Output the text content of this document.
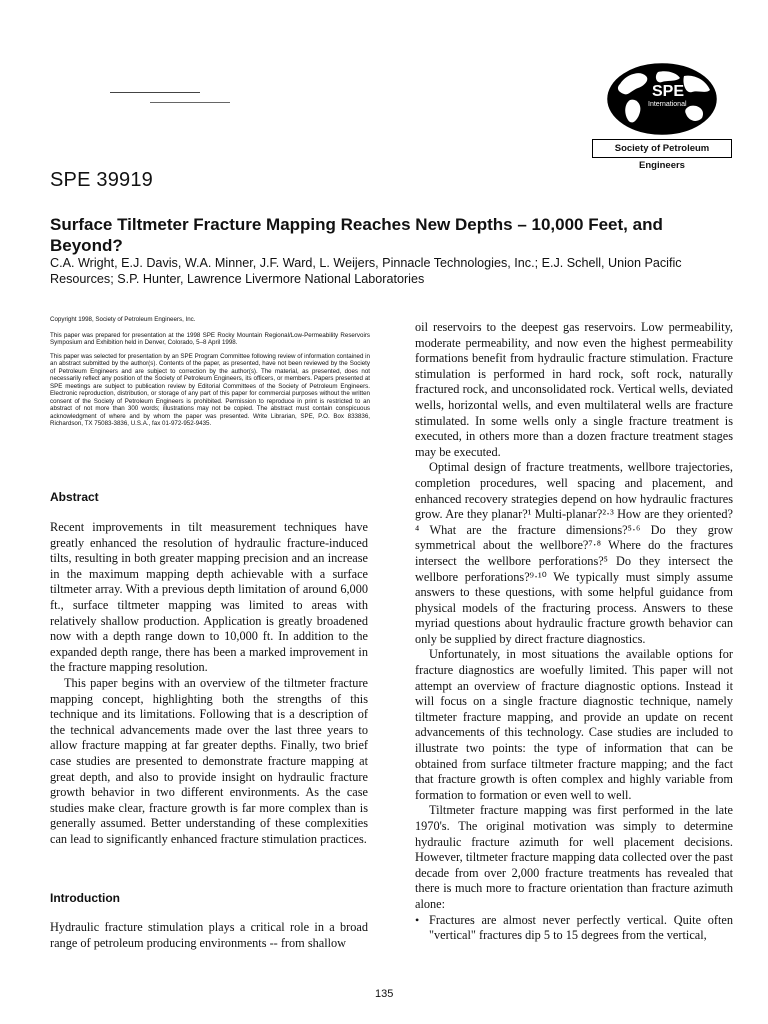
SPE
International
Society of Petroleum Engineers
SPE 39919
Surface Tiltmeter Fracture Mapping Reaches New Depths – 10,000 Feet, and Beyond?
C.A. Wright, E.J. Davis, W.A. Minner, J.F. Ward, L. Weijers, Pinnacle Technologies, Inc.; E.J. Schell, Union Pacific Resources; S.P. Hunter, Lawrence Livermore National Laboratories

Copyright 1998, Society of Petroleum Engineers, Inc.

This paper was prepared for presentation at the 1998 SPE Rocky Mountain Regional/Low-Permeability Reservoirs Symposium and Exhibition held in Denver, Colorado, 5–8 April 1998.

This paper was selected for presentation by an SPE Program Committee following review of information contained in an abstract submitted by the author(s). Contents of the paper, as presented, have not been reviewed by the Society of Petroleum Engineers and are subject to correction by the author(s). The material, as presented, does not necessarily reflect any position of the Society of Petroleum Engineers, its officers, or members. Papers presented at SPE meetings are subject to publication review by Editorial Committees of the Society of Petroleum Engineers. Electronic reproduction, distribution, or storage of any part of this paper for commercial purposes without the written consent of the Society of Petroleum Engineers is prohibited. Permission to reproduce in print is restricted to an abstract of not more than 300 words; illustrations may not be copied. The abstract must contain conspicuous acknowledgment of where and by whom the paper was presented. Write Librarian, SPE, P.O. Box 833836, Richardson, TX 75083-3836, U.S.A., fax 01-972-952-9435.

Abstract

Recent improvements in tilt measurement techniques have greatly enhanced the resolution of hydraulic fracture-induced tilts, resulting in both greater mapping precision and an increase in the maximum mapping depth achievable with a surface tiltmeter array. With a previous depth limitation of around 6,000 ft., surface tiltmeter mapping was limited to areas with relatively shallow production. Application is greatly broadened now with a depth range down to 10,000 ft. In addition to the expanded depth range, there has been a marked improvement in the fracture mapping resolution.

This paper begins with an overview of the tiltmeter fracture mapping concept, highlighting both the strengths of this technique and its limitations. Following that is a description of the technical advancements made over the last three years to allow fracture mapping at far greater depths. Finally, two brief case studies are presented to demonstrate fracture mapping at great depth, and also to provide insight on hydraulic fracture growth behavior in two different environments. As the case studies make clear, fracture growth is far more complex than is generally assumed. Better understanding of these complexities can lead to significantly enhanced fracture stimulation practices.

Introduction

Hydraulic fracture stimulation plays a critical role in a broad range of petroleum producing environments -- from shallow

oil reservoirs to the deepest gas reservoirs. Low permeability, moderate permeability, and now even the highest permeability formations benefit from hydraulic fracture stimulation. Fracture stimulation is performed in hard rock, soft rock, naturally fractured rock, and unconsolidated rock. Vertical wells, deviated wells, horizontal wells, and even multilateral wells are fracture stimulated. In some wells only a single fracture treatment is executed, in others more than a dozen fracture treatment stages may be executed.

Optimal design of fracture treatments, wellbore trajectories, completion procedures, well spacing and placement, and enhanced recovery strategies depend on how hydraulic fractures grow. Are they planar?¹ Multi-planar?²·³ How are they oriented?⁴ What are the fracture dimensions?⁵·⁶ Do they grow symmetrical about the wellbore?⁷·⁸ Where do the fractures intersect the wellbore perforations?⁵ Do they intersect the wellbore perforations?⁹·¹⁰ We typically must simply assume answers to these questions, with some helpful guidance from physical models of the fracturing process. Answers to these myriad questions about hydraulic fracture growth behavior can only be supplied by direct fracture diagnostics.

Unfortunately, in most situations the available options for fracture diagnostics are woefully limited. This paper will not attempt an overview of fracture diagnostic options. Instead it will focus on a single fracture diagnostic technique, namely tiltmeter fracture mapping, and provide an update on recent advancements of this technology. Case studies are included to illustrate two points: the type of information that can be obtained from surface tiltmeter fracture mapping; and the fact that fracture growth is often complex and highly variable from formation to formation or even well to well.

Tiltmeter fracture mapping was first performed in the late 1970's. The original motivation was simply to determine hydraulic fracture azimuth for well placement decisions. However, tiltmeter fracture mapping data collected over the past decade from over 2,000 fracture treatments has revealed that there is much more to fracture orientation than fracture azimuth alone:

• Fractures are almost never perfectly vertical. Quite often "vertical" fractures dip 5 to 15 degrees from the vertical,
135
